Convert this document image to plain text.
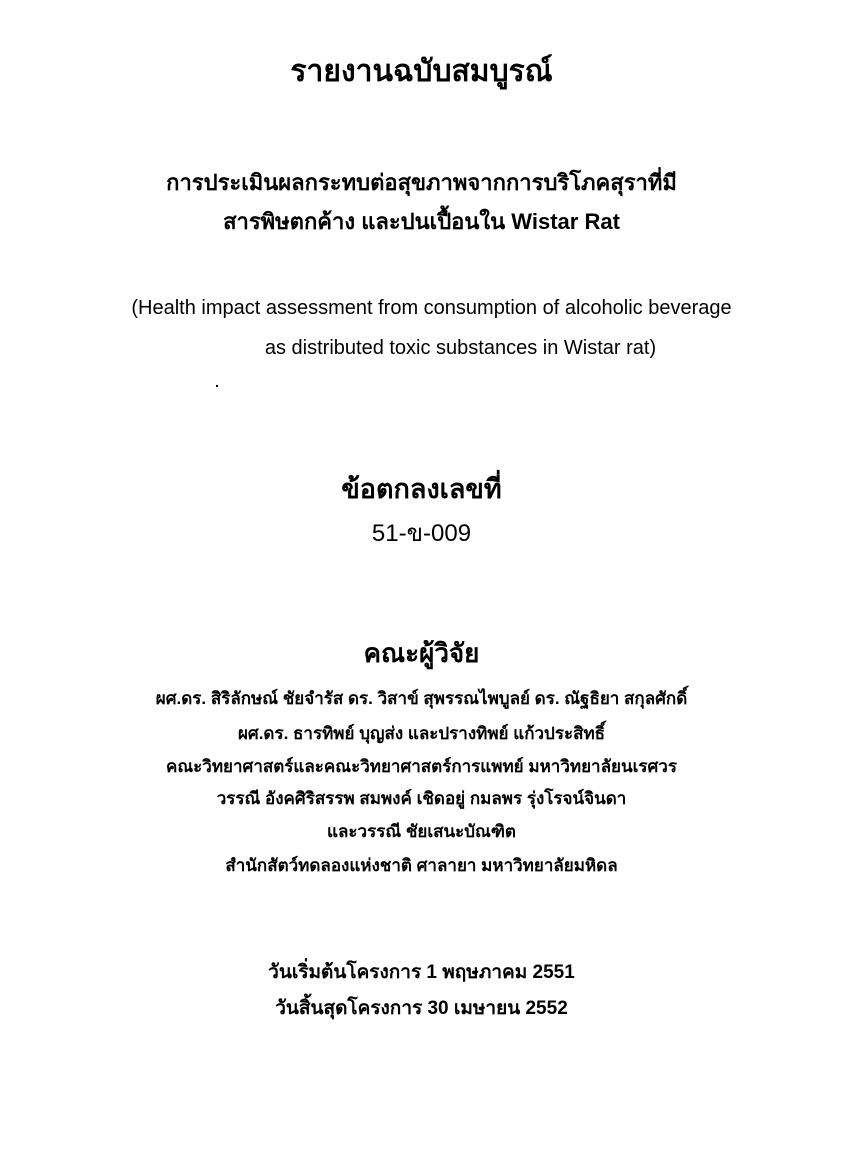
รายงานฉบับสมบูรณ์
การประเมินผลกระทบต่อสุขภาพจากการบริโภคสุราที่มี
สารพิษตกค้าง และปนเปื้อนใน Wistar Rat
(Health impact assessment from consumption of alcoholic beverage
as distributed toxic substances in Wistar rat)
ข้อตกลงเลขที่
51-ข-009
คณะผู้วิจัย
ผศ.ดร. สิริลักษณ์ ชัยจำรัส ดร. วิสาข์ สุพรรณไพบูลย์ ดร. ณัฐธิยา สกุลศักดิ์
ผศ.ดร. ธารทิพย์ บุญส่ง และปรางทิพย์ แก้วประสิทธิ์
คณะวิทยาศาสตร์และคณะวิทยาศาสตร์การแพทย์ มหาวิทยาลัยนเรศวร
วรรณี อังคศิริสรรพ สมพงค์ เชิดอยู่ กมลพร รุ่งโรจน์จินดา
และวรรณี ชัยเสนะบัณฑิต
สำนักสัตว์ทดลองแห่งชาติ ศาลายา มหาวิทยาลัยมหิดล
วันเริ่มต้นโครงการ 1 พฤษภาคม 2551
วันสิ้นสุดโครงการ 30 เมษายน 2552
